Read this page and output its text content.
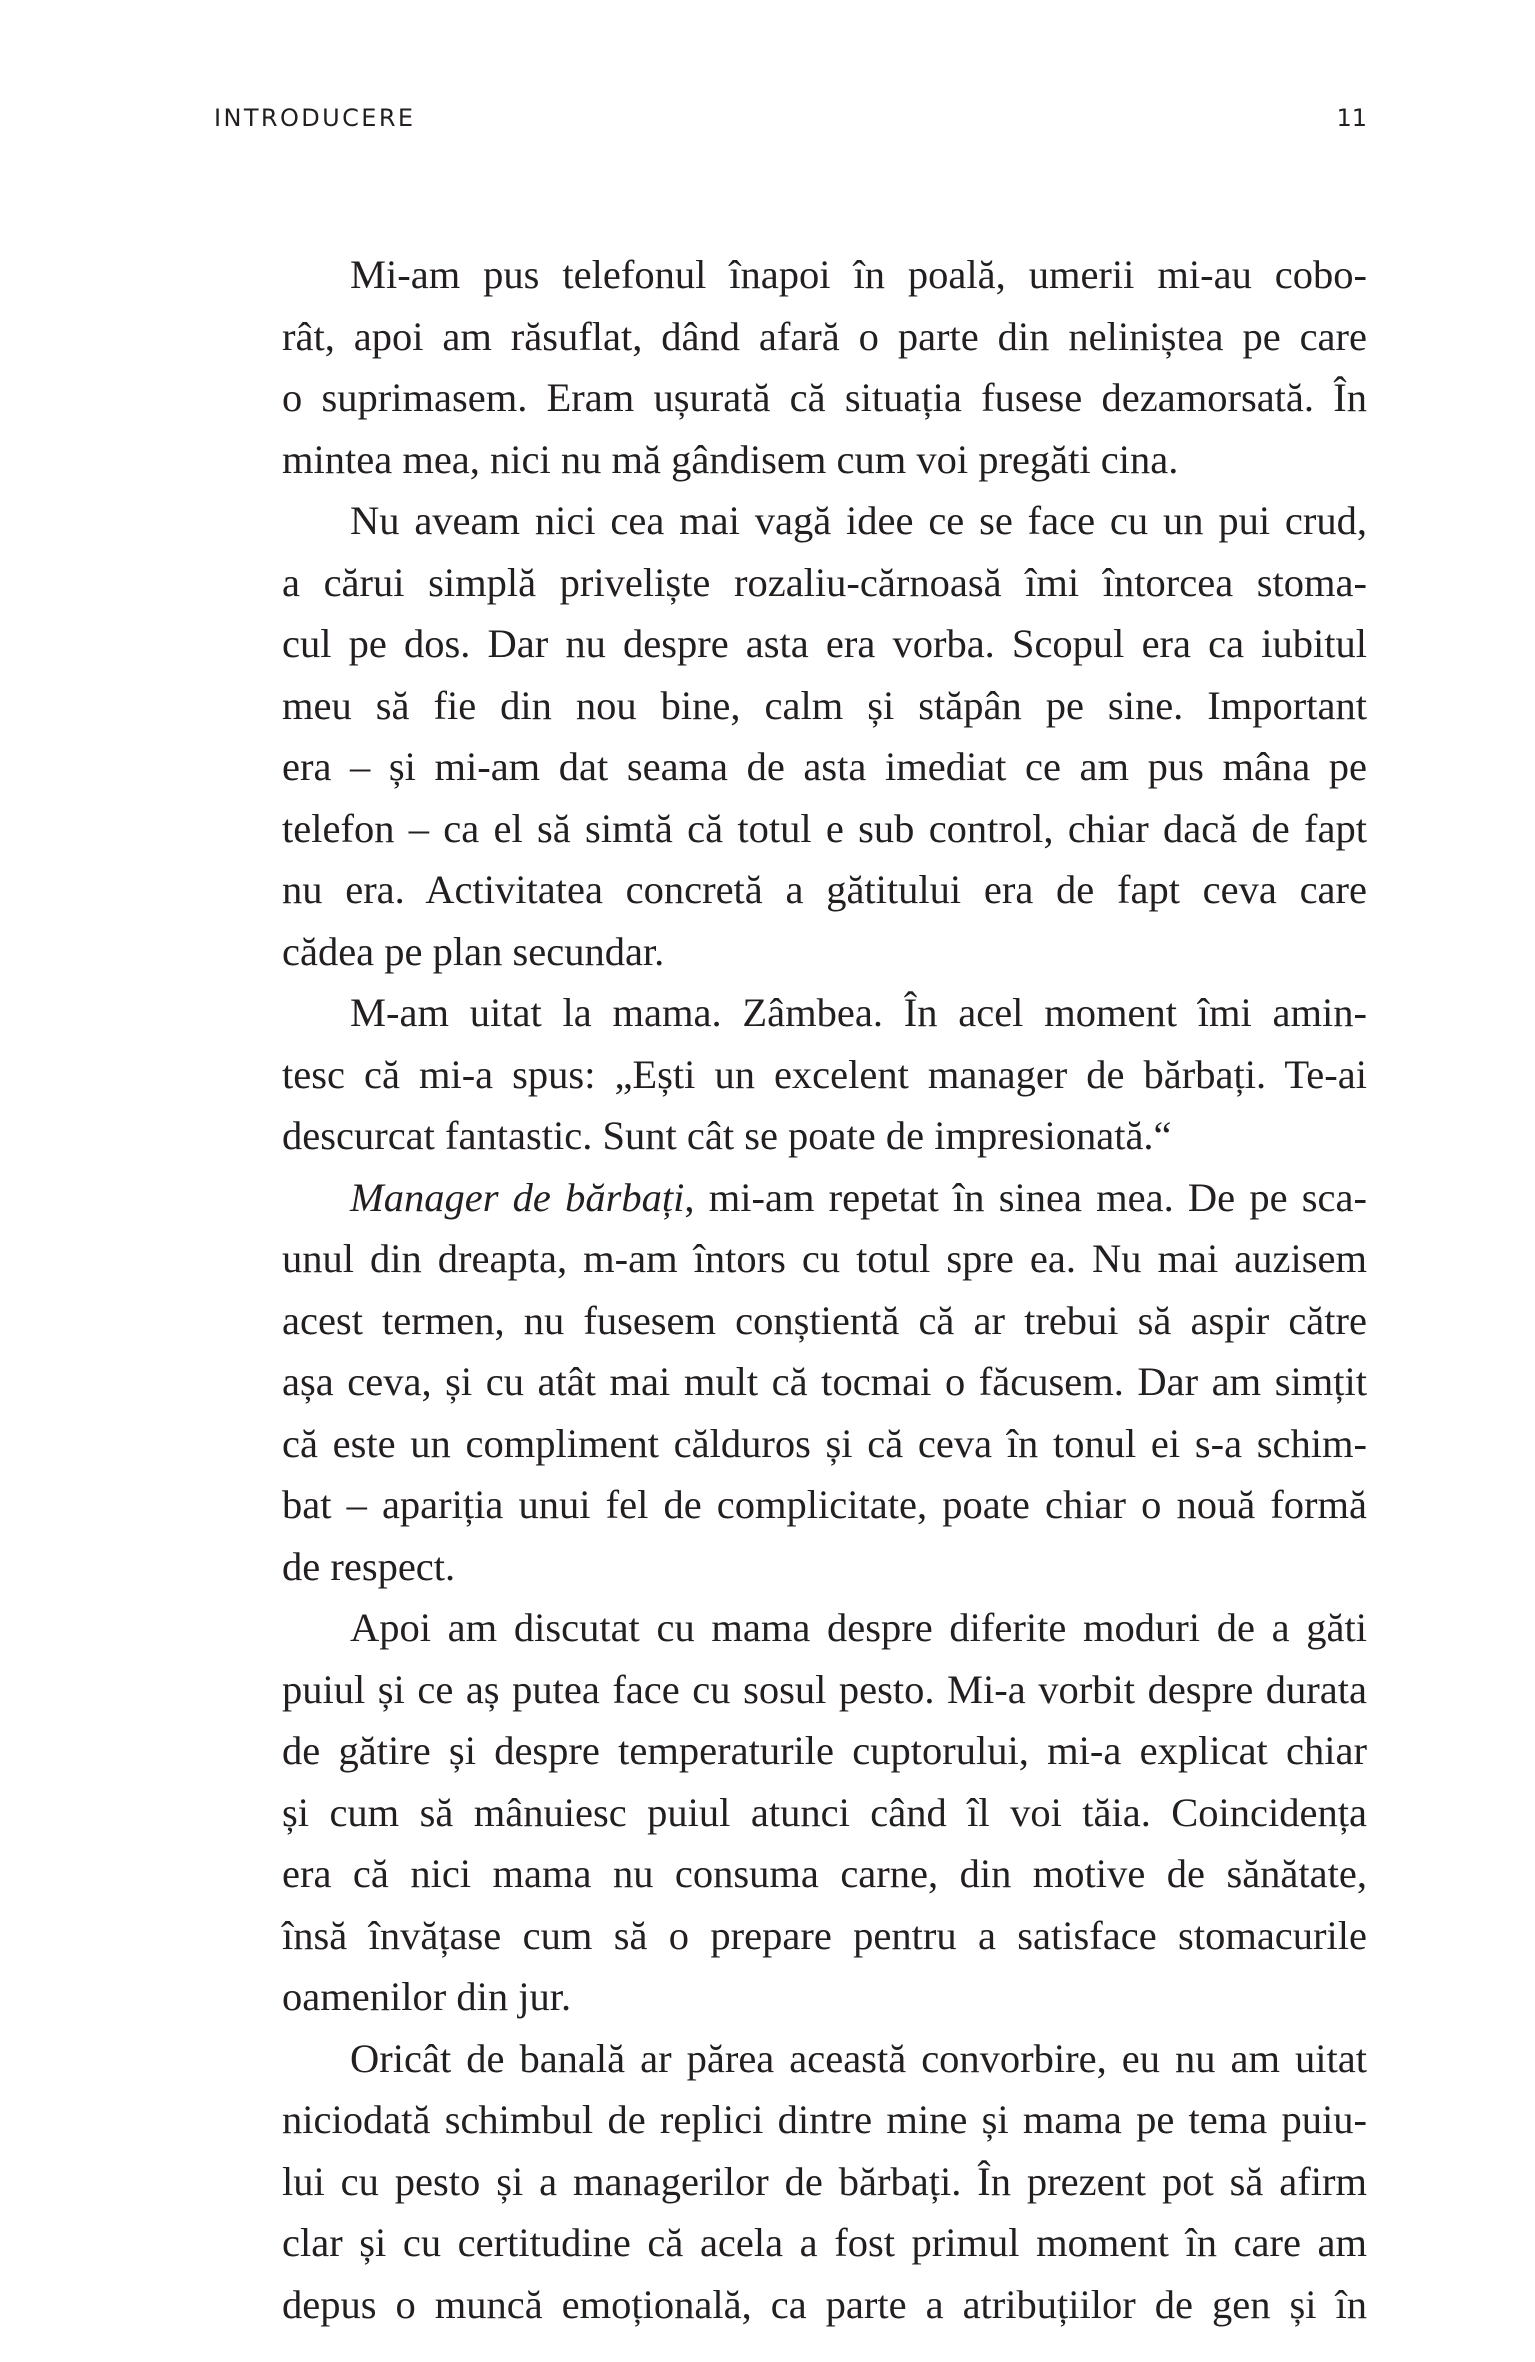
INTRODUCERE	11

Mi-am pus telefonul înapoi în poală, umerii mi-au cobo-
rât, apoi am răsuflat, dând afară o parte din neliniștea pe care
o suprimasem. Eram ușurată că situația fusese dezamorsată. În
mintea mea, nici nu mă gândisem cum voi pregăti cina.

Nu aveam nici cea mai vagă idee ce se face cu un pui crud,
a cărui simplă priveliște rozaliu-cărnoasă îmi întorcea stoma-
cul pe dos. Dar nu despre asta era vorba. Scopul era ca iubitul
meu să fie din nou bine, calm și stăpân pe sine. Important
era – și mi-am dat seama de asta imediat ce am pus mâna pe
telefon – ca el să simtă că totul e sub control, chiar dacă de fapt
nu era. Activitatea concretă a gătitului era de fapt ceva care
cădea pe plan secundar.

M-am uitat la mama. Zâmbea. În acel moment îmi amin-
tesc că mi-a spus: „Ești un excelent manager de bărbați. Te-ai
descurcat fantastic. Sunt cât se poate de impresionată.“

Manager de bărbați, mi-am repetat în sinea mea. De pe sca-
unul din dreapta, m-am întors cu totul spre ea. Nu mai auzisem
acest termen, nu fusesem conștientă că ar trebui să aspir către
așa ceva, și cu atât mai mult că tocmai o făcusem. Dar am simțit
că este un compliment călduros și că ceva în tonul ei s-a schim-
bat – apariția unui fel de complicitate, poate chiar o nouă formă
de respect.

Apoi am discutat cu mama despre diferite moduri de a găti
puiul și ce aș putea face cu sosul pesto. Mi-a vorbit despre durata
de gătire și despre temperaturile cuptorului, mi-a explicat chiar
și cum să mânuiesc puiul atunci când îl voi tăia. Coincidența
era că nici mama nu consuma carne, din motive de sănătate,
însă învățase cum să o prepare pentru a satisface stomacurile
oamenilor din jur.

Oricât de banală ar părea această convorbire, eu nu am uitat
niciodată schimbul de replici dintre mine și mama pe tema puiu-
lui cu pesto și a managerilor de bărbați. În prezent pot să afirm
clar și cu certitudine că acela a fost primul moment în care am
depus o muncă emoțională, ca parte a atribuțiilor de gen și în
